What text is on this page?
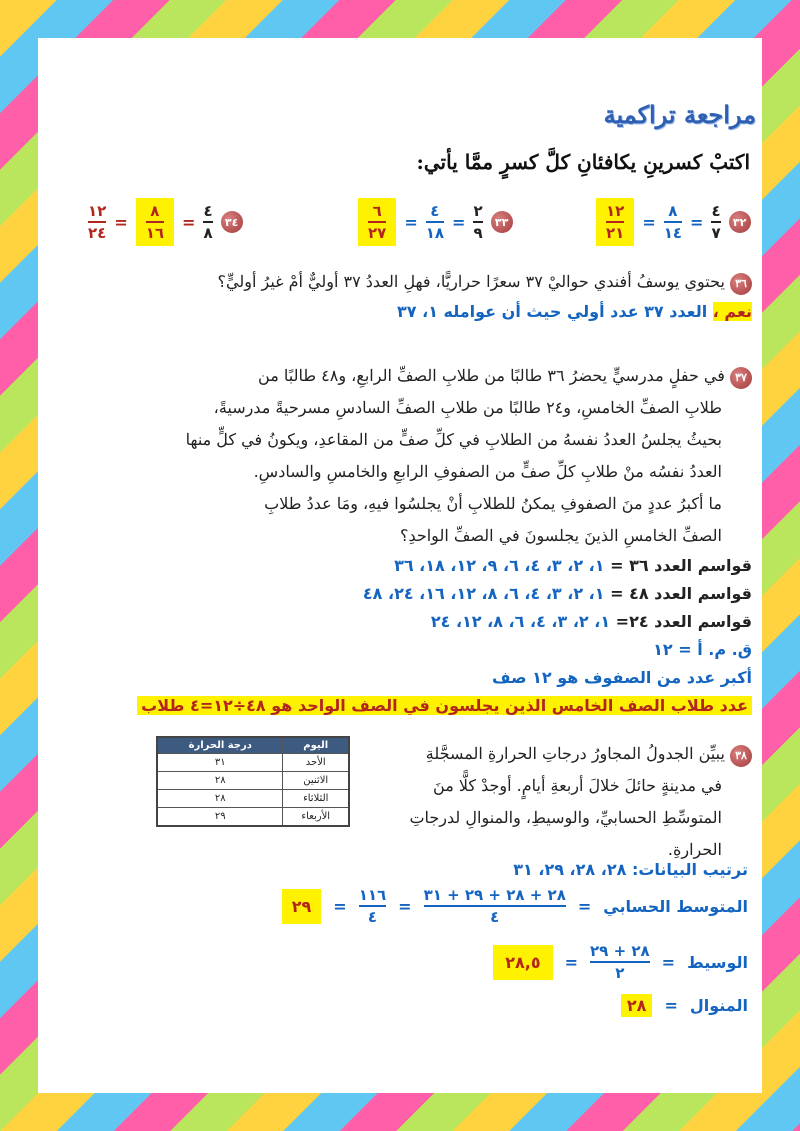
مراجعة تراكمية
اكتبْ كسرينِ يكافئانِ كلَّ كسرٍ ممَّا يأتي:
$\frac{١٢}{٢٤} = \frac{٨}{١٦} = \frac{٤}{٨}$	٣٤	$\frac{٦}{٢٧} = \frac{٤}{١٨} = \frac{٢}{٩}$	٣٣	$\frac{١٢}{٢١} = \frac{٨}{١٤} = \frac{٤}{٧}$	٣٢
٣٦ يحتوي يوسفُ أفندي حواليْ ٣٧ سعرًا حراريًّا، فهلِ العددُ ٣٧ أوليٌّ أمْ غيرُ أوليٍّ؟
نعم ، العدد ٣٧ عدد أولي حيث أن عوامله ١، ٣٧
٣٧ في حفلٍ مدرسيٍّ يحضرُ ٣٦ طالبًا من طلابِ الصفِّ الرابعِ، و٤٨ طالبًا من
طلابِ الصفِّ الخامسِ، و٢٤ طالبًا من طلابِ الصفِّ السادسِ مسرحيةً مدرسيةً،
بحيثُ يجلسُ العددُ نفسهُ من الطلابِ في كلِّ صفٍّ من المقاعدِ، ويكونُ في كلٍّ منها
العددُ نفسُه منْ طلابِ كلِّ صفٍّ من الصفوفِ الرابعِ والخامسِ والسادسِ.
ما أكبرُ عددٍ منَ الصفوفِ يمكنُ للطلابِ أنْ يجلسُوا فيهِ، ومَا عددُ طلابِ
الصفِّ الخامسِ الذينَ يجلسونَ في الصفِّ الواحدِ؟
قواسم العدد ٣٦ = ١، ٢، ٣، ٤، ٦، ٩، ١٢، ١٨، ٣٦
قواسم العدد ٤٨ = ١، ٢، ٣، ٤، ٦، ٨، ١٢، ١٦، ٢٤، ٤٨
قواسم العدد ٢٤= ١، ٢، ٣، ٤، ٦، ٨، ١٢، ٢٤
ق. م. أ = ١٢
أكبر عدد من الصفوف هو ١٢ صف
عدد طلاب الصف الخامس الذين يجلسون في الصف الواحد هو ٤٨÷١٢=٤ طلاب
٣٨ يبيِّن الجدولُ المجاورُ درجاتِ الحرارةِ المسجَّلةِ
في مدينةٍ حائلَ خلالَ أربعةِ أيامٍ. أوجدْ كلًّا منَ
المتوسِّطِ الحسابيِّ، والوسيطِ، والمنوالِ لدرجاتِ الحرارةِ.
اليوم	درجة الحرارة
الأحد	٣١
الاثنين	٢٨
الثلاثاء	٢٨
الأربعاء	٢٩
ترتيب البيانات: ٢٨، ٢٨، ٢٩، ٣١
المتوسط الحسابي
=
$\frac{٢٨ + ٢٨ + ٢٩ + ٣١}{٤}$
=
$\frac{١١٦}{٤}$
=
٢٩
الوسيط
=
$\frac{٢٨ + ٢٩}{٢}$
=
٢٨,٥
المنوال
=
٢٨
